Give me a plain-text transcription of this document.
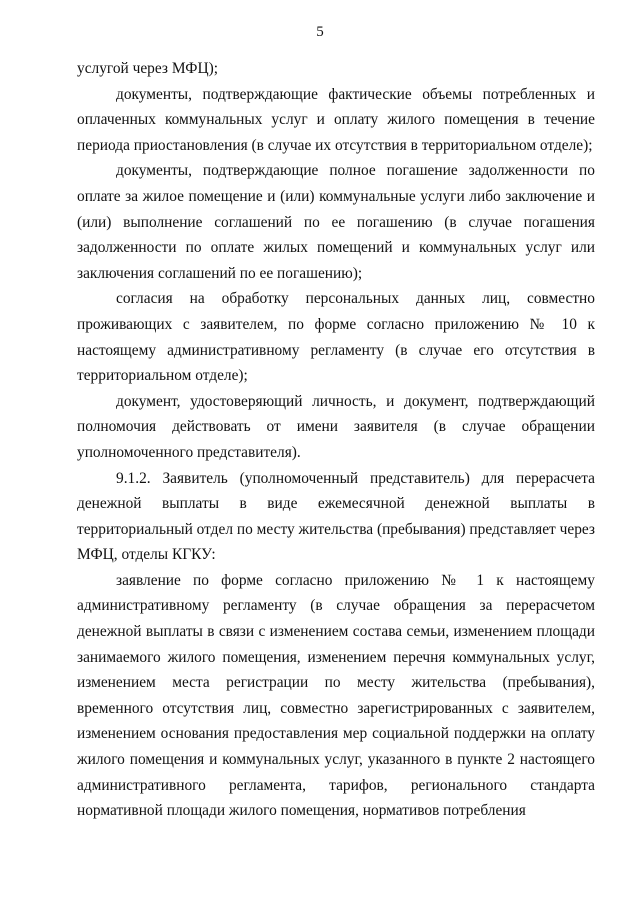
5

услугой через МФЦ);

документы, подтверждающие фактические объемы потребленных и оплаченных коммунальных услуг и оплату жилого помещения в течение периода приостановления (в случае их отсутствия в территориальном отделе);

документы, подтверждающие полное погашение задолженности по оплате за жилое помещение и (или) коммунальные услуги либо заключение и (или) выполнение соглашений по ее погашению (в случае погашения задолженности по оплате жилых помещений и коммунальных услуг или заключения соглашений по ее погашению);

согласия на обработку персональных данных лиц, совместно проживающих с заявителем, по форме согласно приложению № 10 к настоящему административному регламенту (в случае его отсутствия в территориальном отделе);

документ, удостоверяющий личность, и документ, подтверждающий полномочия действовать от имени заявителя (в случае обращении уполномоченного представителя).

9.1.2. Заявитель (уполномоченный представитель) для перерасчета денежной выплаты в виде ежемесячной денежной выплаты в территориальный отдел по месту жительства (пребывания) представляет через МФЦ, отделы КГКУ:

заявление по форме согласно приложению № 1 к настоящему административному регламенту (в случае обращения за перерасчетом денежной выплаты в связи с изменением состава семьи, изменением площади занимаемого жилого помещения, изменением перечня коммунальных услуг, изменением места регистрации по месту жительства (пребывания), временного отсутствия лиц, совместно зарегистрированных с заявителем, изменением основания предоставления мер социальной поддержки на оплату жилого помещения и коммунальных услуг, указанного в пункте 2 настоящего административного регламента, тарифов, регионального стандарта нормативной площади жилого помещения, нормативов потребления
